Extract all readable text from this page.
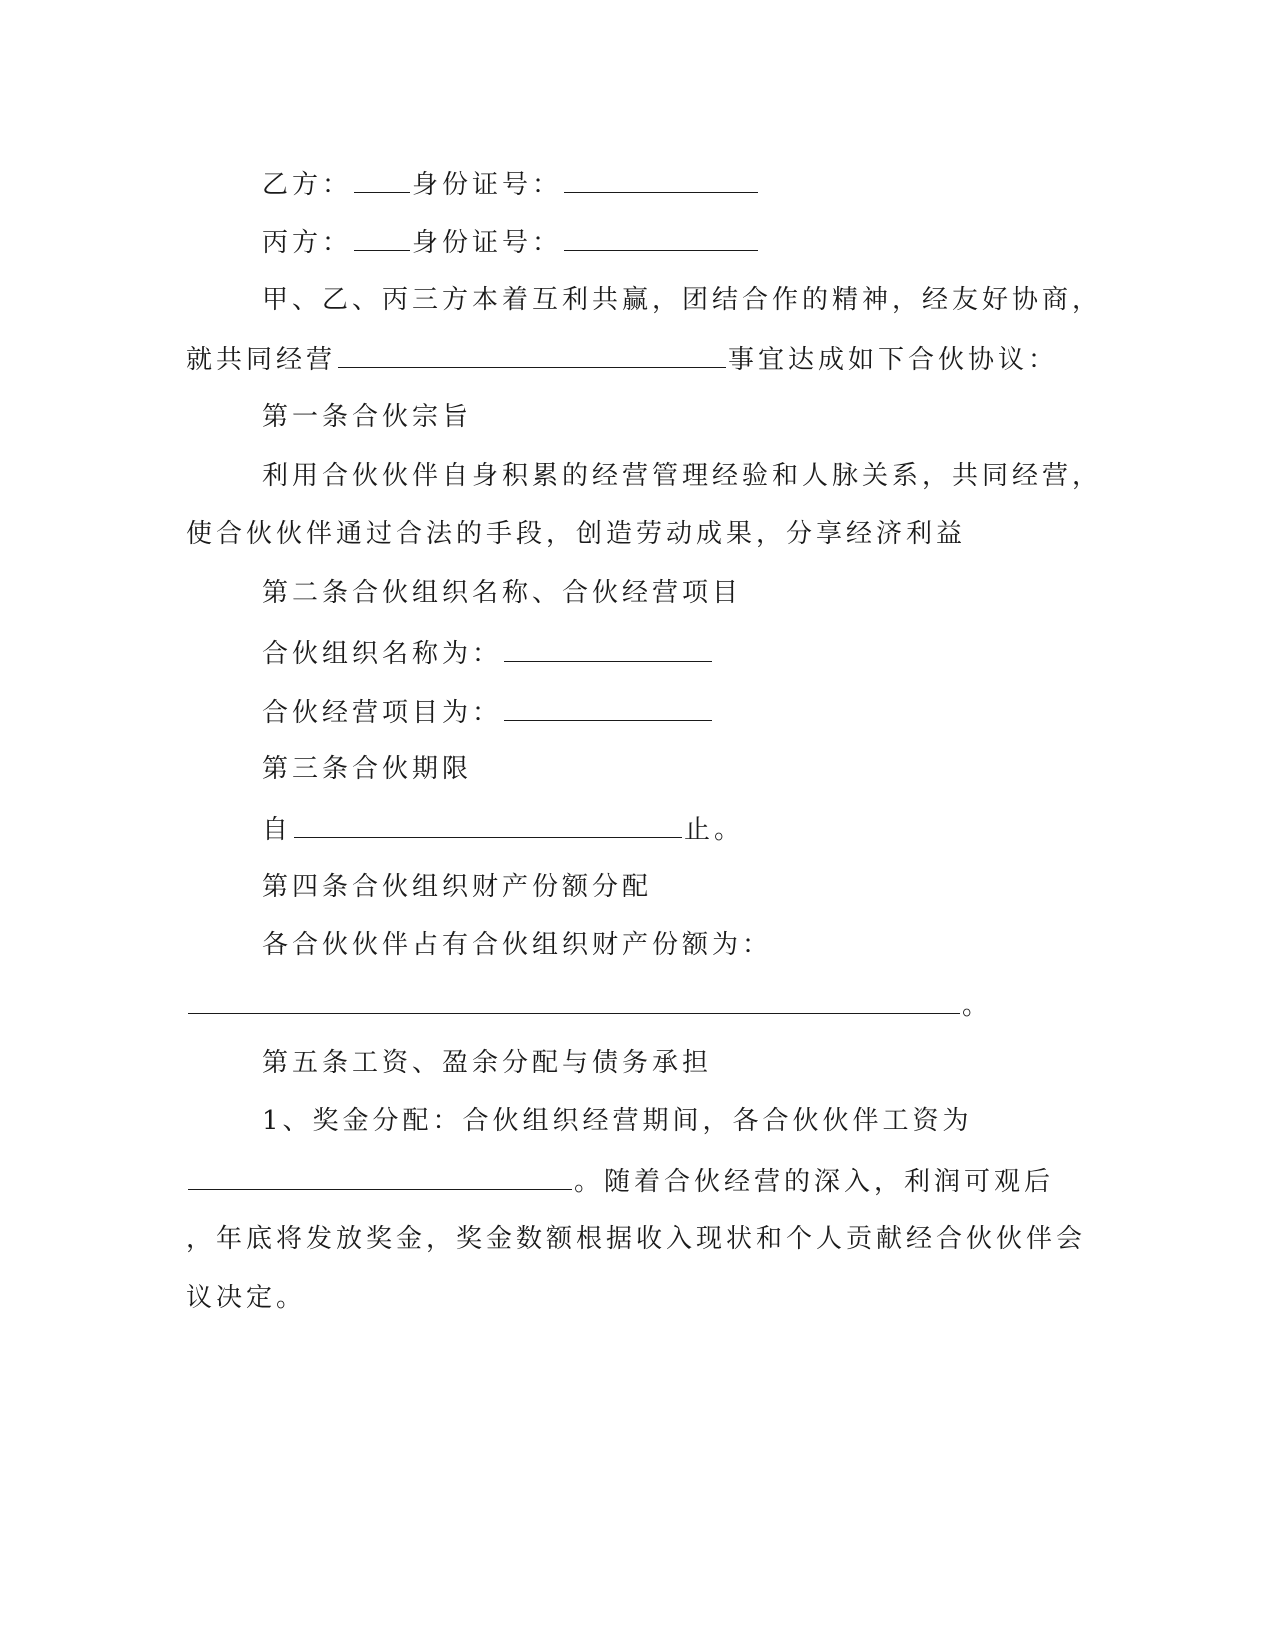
乙方： 身份证号：
丙方： 身份证号：
甲、乙、丙三方本着互利共赢，团结合作的精神，经友好协商，
就共同经营	事宜达成如下合伙协议：
第一条合伙宗旨
利用合伙伙伴自身积累的经营管理经验和人脉关系，共同经营，
使合伙伙伴通过合法的手段，创造劳动成果，分享经济利益
第二条合伙组织名称、合伙经营项目
合伙组织名称为：
合伙经营项目为：
第三条合伙期限
自	止。
第四条合伙组织财产份额分配
各合伙伙伴占有合伙组织财产份额为：
。
第五条工资、盈余分配与债务承担
1、奖金分配：合伙组织经营期间，各合伙伙伴工资为
。随着合伙经营的深入，利润可观后
，年底将发放奖金，奖金数额根据收入现状和个人贡献经合伙伙伴会
议决定。
